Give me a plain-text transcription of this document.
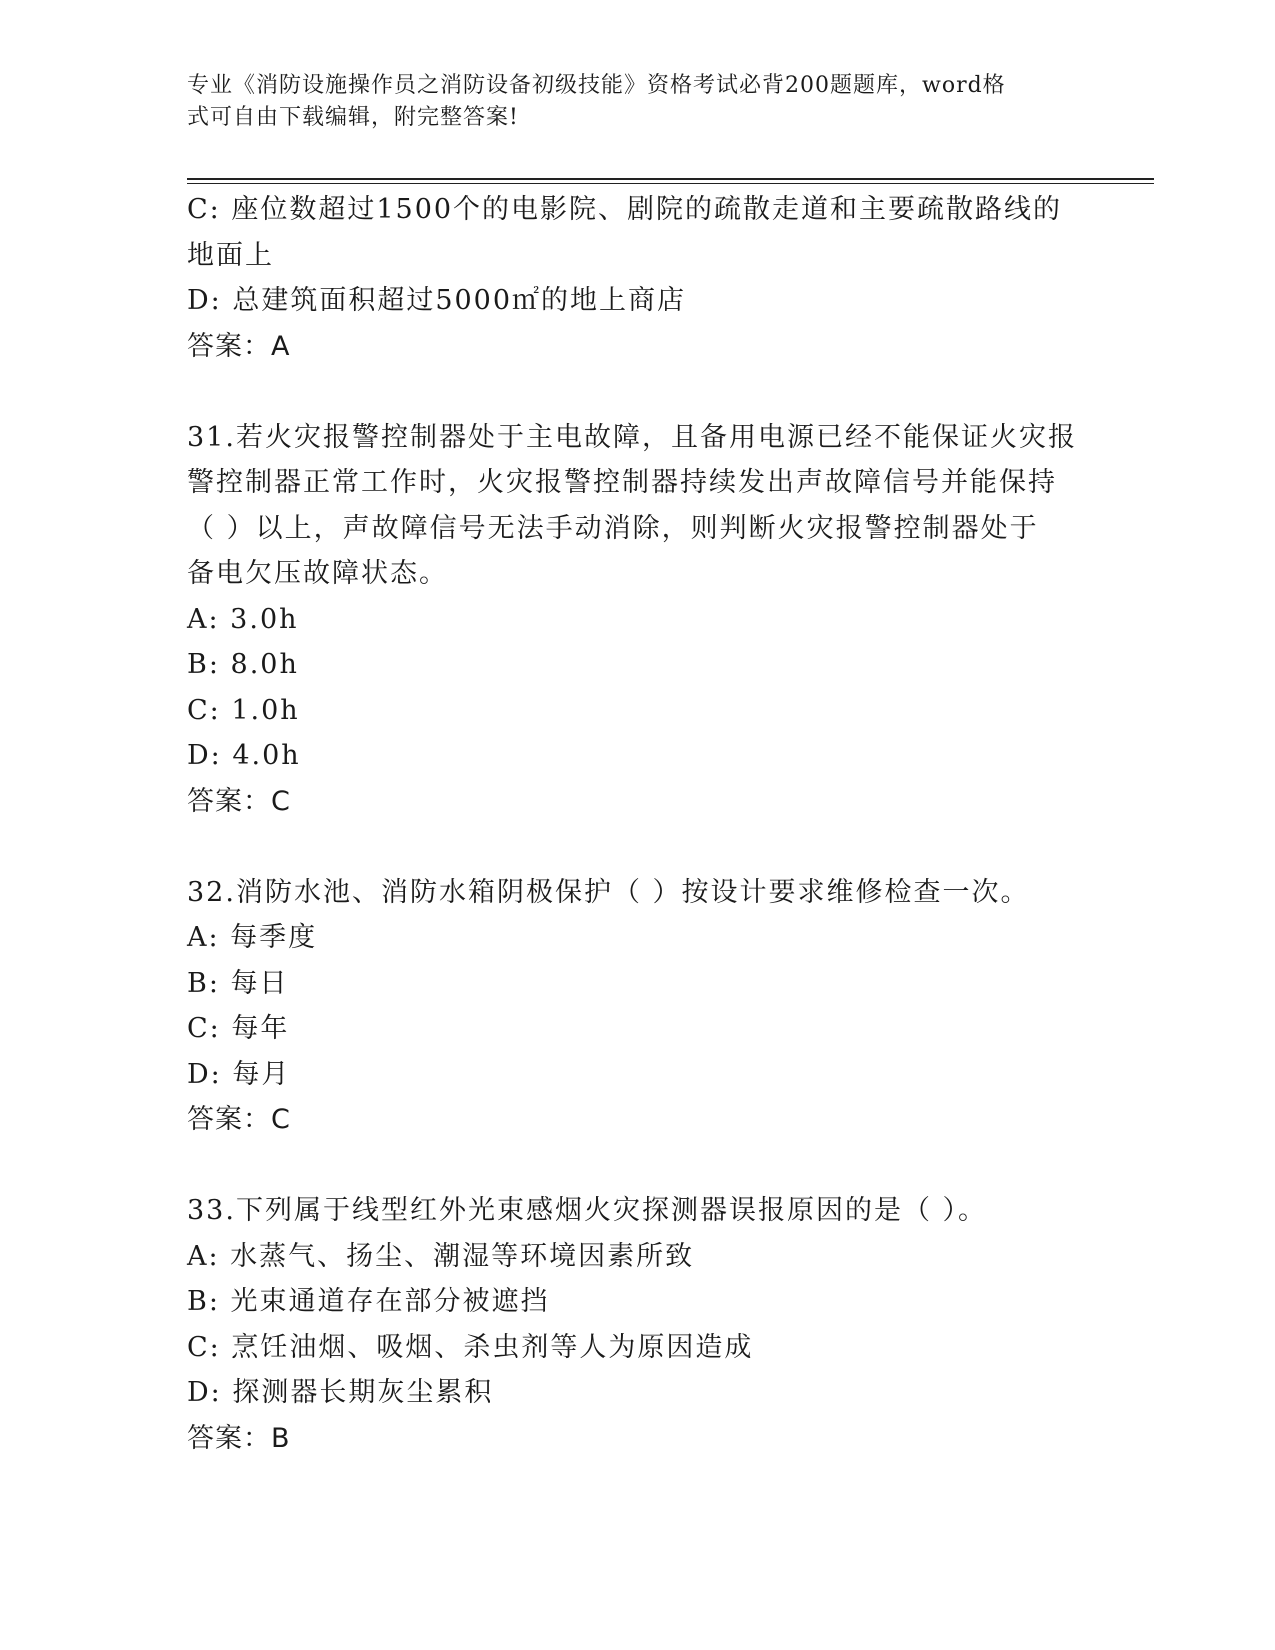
专业《消防设施操作员之消防设备初级技能》资格考试必背200题题库，word格
式可自由下载编辑，附完整答案!

C: 座位数超过1500个的电影院、剧院的疏散走道和主要疏散路线的

地面上

D: 总建筑面积超过5000㎡的地上商店

答案：A

31.若火灾报警控制器处于主电故障，且备用电源已经不能保证火灾报

警控制器正常工作时，火灾报警控制器持续发出声故障信号并能保持

（ ）以上，声故障信号无法手动消除，则判断火灾报警控制器处于

备电欠压故障状态。

A: 3.0h

B: 8.0h

C: 1.0h

D: 4.0h

答案：C

32.消防水池、消防水箱阴极保护（ ）按设计要求维修检查一次。

A: 每季度

B: 每日

C: 每年

D: 每月

答案：C

33.下列属于线型红外光束感烟火灾探测器误报原因的是（ ）。

A: 水蒸气、扬尘、潮湿等环境因素所致

B: 光束通道存在部分被遮挡

C: 烹饪油烟、吸烟、杀虫剂等人为原因造成

D: 探测器长期灰尘累积

答案：B
